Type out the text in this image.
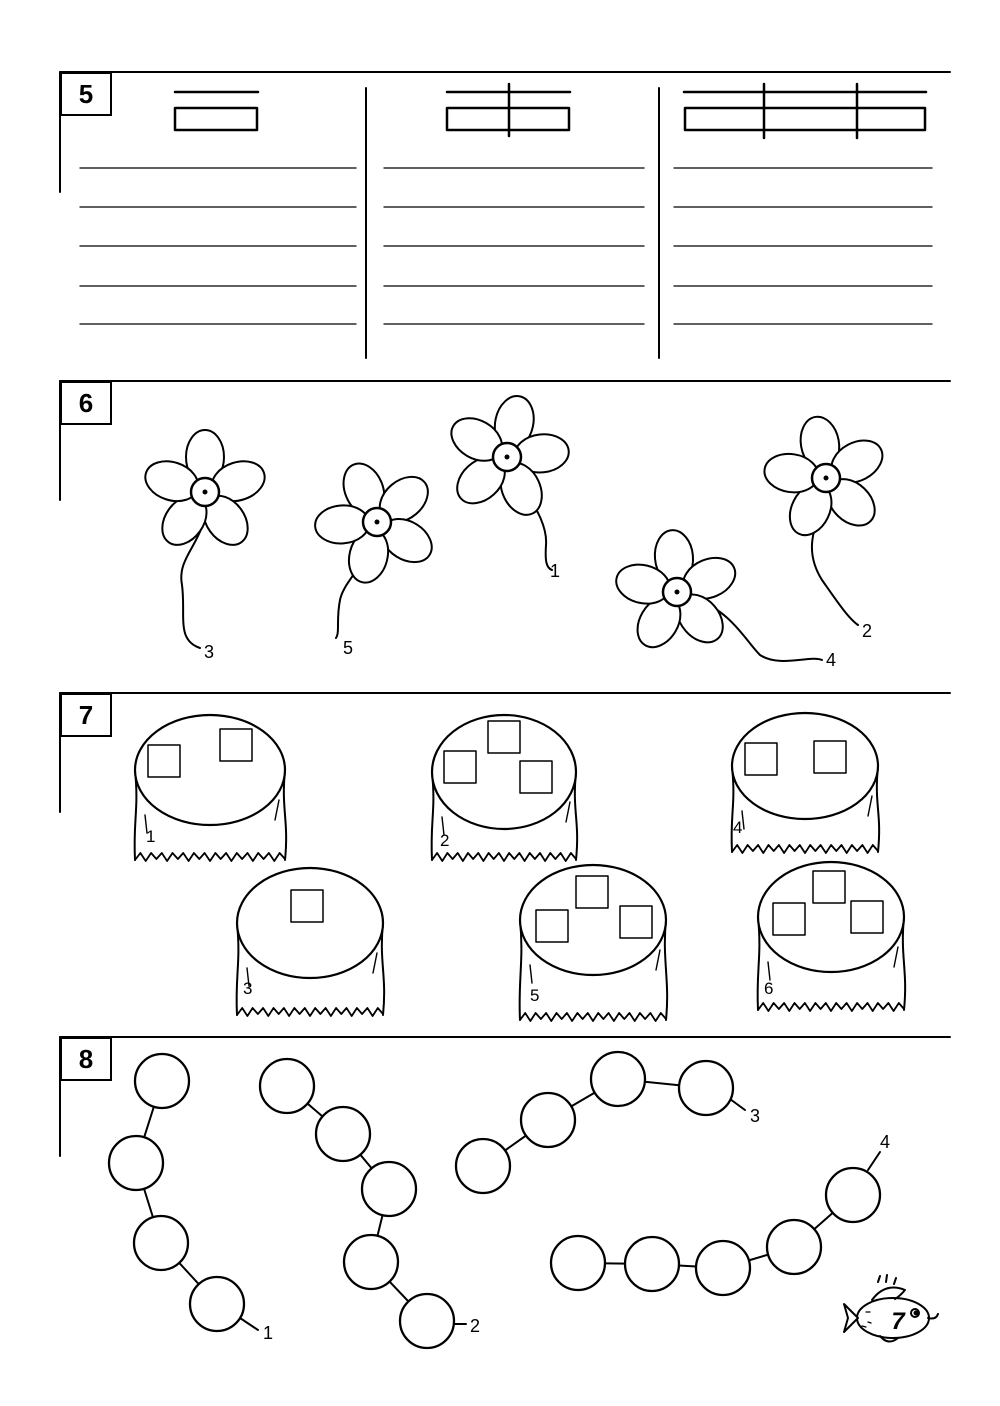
3	5
1
4
2
1	2
4
3	5	6
1	2
3
4
7
5
6
7
8
